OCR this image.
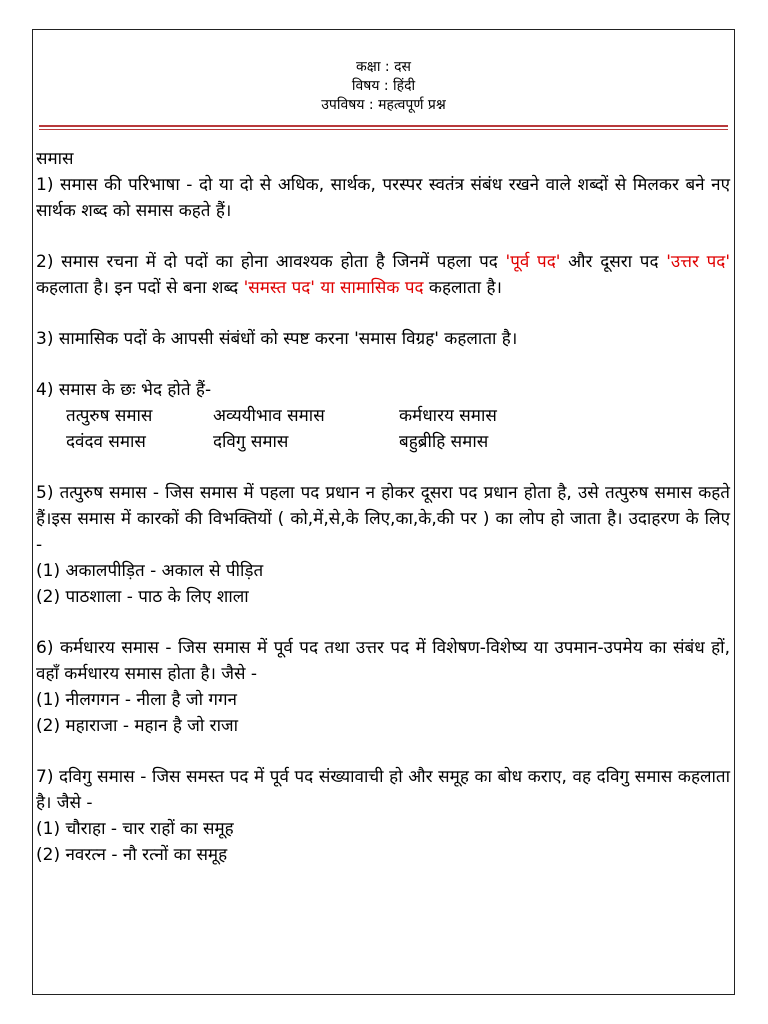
कक्षा : दस
विषय : हिंदी
उपविषय : महत्वपूर्ण प्रश्न

समास

1) समास की परिभाषा - दो या दो से अधिक, सार्थक, परस्पर स्वतंत्र संबंध रखने वाले शब्दों से मिलकर बने नए सार्थक शब्द को समास कहते हैं।

2) समास रचना में दो पदों का होना आवश्यक होता है जिनमें पहला पद 'पूर्व पद' और दूसरा पद 'उत्तर पद' कहलाता है। इन पदों से बना शब्द 'समस्त पद' या सामासिक पद कहलाता है।

3) सामासिक पदों के आपसी संबंधों को स्पष्ट करना 'समास विग्रह' कहलाता है।

4) समास के छः भेद होते हैं-

तत्पुरुष समास	अव्ययीभाव समास	कर्मधारय समास
दवंदव समास	दविगु समास	बहुब्रीहि समास

5) तत्पुरुष समास - जिस समास में पहला पद प्रधान न होकर दूसरा पद प्रधान होता है, उसे तत्पुरुष समास कहते हैं।इस समास में कारकों की विभक्तियों ( को,में,से,के लिए,का,के,की पर ) का लोप हो जाता है। उदाहरण के लिए -

(1) अकालपीड़ित - अकाल से पीड़ित

(2) पाठशाला - पाठ के लिए शाला

6) कर्मधारय समास - जिस समास में पूर्व पद तथा उत्तर पद में विशेषण-विशेष्य या उपमान-उपमेय का संबंध हों, वहाँ कर्मधारय समास होता है। जैसे -

(1) नीलगगन - नीला है जो गगन

(2) महाराजा - महान है जो राजा

7) दविगु समास - जिस समस्त पद में पूर्व पद संख्यावाची हो और समूह का बोध कराए, वह दविगु समास कहलाता है। जैसे -

(1) चौराहा - चार राहों का समूह

(2) नवरत्न - नौ रत्नों का समूह
